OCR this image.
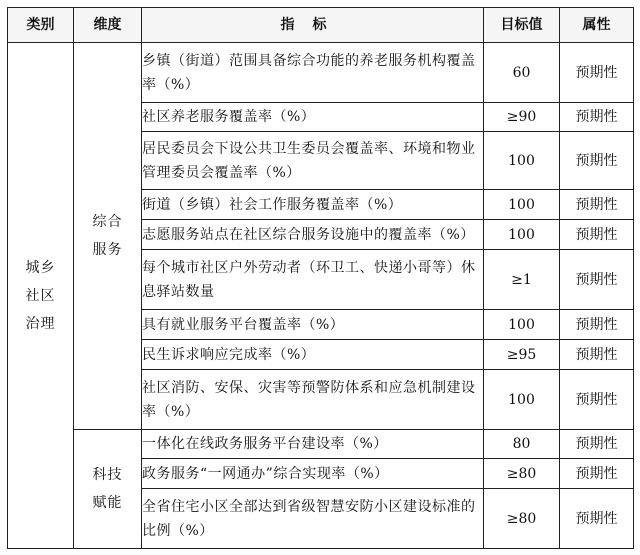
类别	维度	指标	目标值	属性
城乡社区治理	综合服务	乡镇（街道）范围具备综合功能的养老服务机构覆盖率（%）	60	预期性
		社区养老服务覆盖率（%）	≥90	预期性
		居民委员会下设公共卫生委员会覆盖率、环境和物业管理委员会覆盖率（%）	100	预期性
		街道（乡镇）社会工作服务覆盖率（%）	100	预期性
		志愿服务站点在社区综合服务设施中的覆盖率（%）	100	预期性
		每个城市社区户外劳动者（环卫工、快递小哥等）休息驿站数量	≥1	预期性
		具有就业服务平台覆盖率（%）	100	预期性
		民生诉求响应完成率（%）	≥95	预期性
		社区消防、安保、灾害等预警防体系和应急机制建设率（%）	100	预期性
	科技赋能	一体化在线政务服务平台建设率（%）	80	预期性
		政务服务“一网通办”综合实现率（%）	≥80	预期性
		全省住宅小区全部达到省级智慧安防小区建设标准的比例（%）	≥80	预期性
